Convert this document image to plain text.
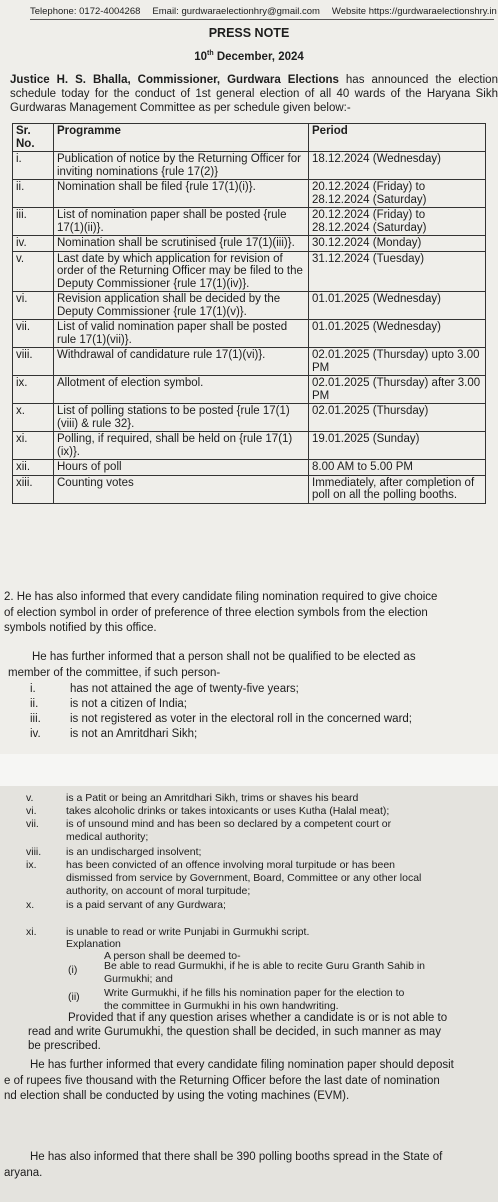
Telephone: 0172-4004268 Email: gurdwaraelectionhry@gmail.com Website https://gurdwaraelectionshry.in
PRESS NOTE
10th December, 2024
Justice H. S. Bhalla, Commissioner, Gurdwara Elections has announced the election schedule today for the conduct of 1st general election of all 40 wards of the Haryana Sikh Gurdwaras Management Committee as per schedule given below:-
Sr. No.	Programme	Period
i.	Publication of notice by the Returning Officer for inviting nominations {rule 17(2)}	18.12.2024 (Wednesday)
ii.	Nomination shall be filed {rule 17(1)(i)}.	20.12.2024 (Friday) to 28.12.2024 (Saturday)
iii.	List of nomination paper shall be posted {rule 17(1)(ii)}.	20.12.2024 (Friday) to 28.12.2024 (Saturday)
iv.	Nomination shall be scrutinised {rule 17(1)(iii)}.	30.12.2024 (Monday)
v.	Last date by which application for revision of order of the Returning Officer may be filed to the Deputy Commissioner {rule 17(1)(iv)}.	31.12.2024 (Tuesday)
vi.	Revision application shall be decided by the Deputy Commissioner {rule 17(1)(v)}.	01.01.2025 (Wednesday)
vii.	List of valid nomination paper shall be posted rule 17(1)(vii)}.	01.01.2025 (Wednesday)
viii.	Withdrawal of candidature rule 17(1)(vi)}.	02.01.2025 (Thursday) upto 3.00 PM
ix.	Allotment of election symbol.	02.01.2025 (Thursday) after 3.00 PM
x.	List of polling stations to be posted {rule 17(1)(viii) & rule 32}.	02.01.2025 (Thursday)
xi.	Polling, if required, shall be held on {rule 17(1)(ix)}.	19.01.2025 (Sunday)
xii.	Hours of poll	8.00 AM to 5.00 PM
xiii.	Counting votes	Immediately, after completion of poll on all the polling booths.
2. He has also informed that every candidate filing nomination required to give choice
of election symbol in order of preference of three election symbols from the election
symbols notified by this office.
He has further informed that a person shall not be qualified to be elected as
member of the committee, if such person-
i.	has not attained the age of twenty-five years;
ii.	is not a citizen of India;
iii.	is not registered as voter in the electoral roll in the concerned ward;
iv.	is not an Amritdhari Sikh;
v.	is a Patit or being an Amritdhari Sikh, trims or shaves his beard
vi.	takes alcoholic drinks or takes intoxicants or uses Kutha (Halal meat);
vii.	is of unsound mind and has been so declared by a competent court or
medical authority;
viii. is an undischarged insolvent;
ix.	has been convicted of an offence involving moral turpitude or has been
dismissed from service by Government, Board, Committee or any other local
authority, on account of moral turpitude;
x.	is a paid servant of any Gurdwara;
xi.	is unable to read or write Punjabi in Gurmukhi script.
Explanation
A person shall be deemed to-
(i)	Be able to read Gurmukhi, if he is able to recite Guru Granth Sahib in
Gurmukhi; and
(ii) Write Gurmukhi, if he fills his nomination paper for the election to
the committee in Gurmukhi in his own handwriting.
Provided that if any question arises whether a candidate is or is not able to
read and write Gurumukhi, the question shall be decided, in such manner as may
be prescribed.
He has further informed that every candidate filing nomination paper should deposit
e of rupees five thousand with the Returning Officer before the last date of nomination
nd election shall be conducted by using the voting machines (EVM).
He has also informed that there shall be 390 polling booths spread in the State of
aryana.
